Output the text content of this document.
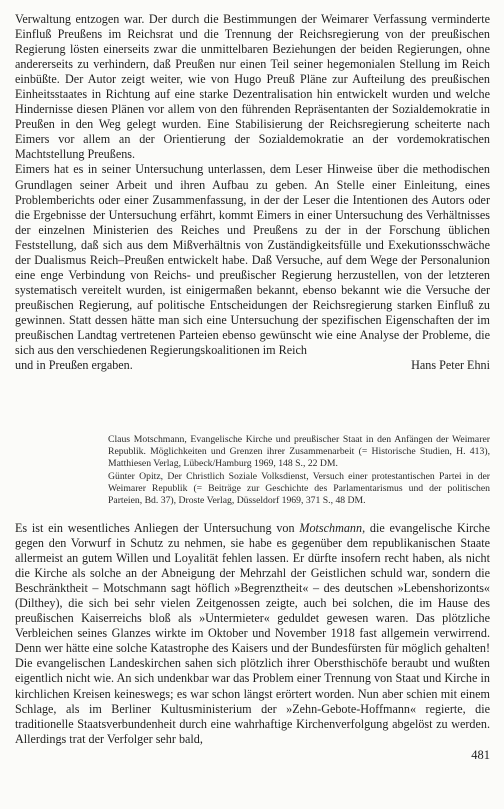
Verwaltung entzogen war. Der durch die Bestimmungen der Weimarer Verfassung verminderte Einfluß Preußens im Reichsrat und die Trennung der Reichsregierung von der preußischen Regierung lösten einerseits zwar die unmittelbaren Beziehungen der beiden Regierungen, ohne andererseits zu verhindern, daß Preußen nur einen Teil seiner hegemonialen Stellung im Reich einbüßte. Der Autor zeigt weiter, wie von Hugo Preuß Pläne zur Aufteilung des preußischen Einheitsstaates in Richtung auf eine starke Dezentralisation hin entwickelt wurden und welche Hindernisse diesen Plänen vor allem von den führenden Repräsentanten der Sozialdemokratie in Preußen in den Weg gelegt wurden. Eine Stabilisierung der Reichsregierung scheiterte nach Eimers vor allem an der Orientierung der Sozialdemokratie an der vordemokratischen Machtstellung Preußens.

Eimers hat es in seiner Untersuchung unterlassen, dem Leser Hinweise über die methodischen Grundlagen seiner Arbeit und ihren Aufbau zu geben. An Stelle einer Einleitung, eines Problemberichts oder einer Zusammenfassung, in der der Leser die Intentionen des Autors oder die Ergebnisse der Untersuchung erfährt, kommt Eimers in einer Untersuchung des Verhältnisses der einzelnen Ministerien des Reiches und Preußens zu der in der Forschung üblichen Feststellung, daß sich aus dem Mißverhältnis von Zuständigkeitsfülle und Exekutionsschwäche der Dualismus Reich–Preußen entwickelt habe. Daß Versuche, auf dem Wege der Personalunion eine enge Verbindung von Reichs- und preußischer Regierung herzustellen, von der letzteren systematisch vereitelt wurden, ist einigermaßen bekannt, ebenso bekannt wie die Versuche der preußischen Regierung, auf politische Entscheidungen der Reichsregierung starken Einfluß zu gewinnen. Statt dessen hätte man sich eine Untersuchung der spezifischen Eigenschaften der im preußischen Landtag vertretenen Parteien ebenso gewünscht wie eine Analyse der Probleme, die sich aus den verschiedenen Regierungskoalitionen im Reich

und in Preußen ergaben.	Hans Peter Ehni

Claus Motschmann, Evangelische Kirche und preußischer Staat in den Anfängen der Weimarer Republik. Möglichkeiten und Grenzen ihrer Zusammenarbeit (= Historische Studien, H. 413), Matthiesen Verlag, Lübeck/Hamburg 1969, 148 S., 22 DM.

Günter Opitz, Der Christlich Soziale Volksdienst, Versuch einer protestantischen Partei in der Weimarer Republik (= Beiträge zur Geschichte des Parlamentarismus und der politischen Parteien, Bd. 37), Droste Verlag, Düsseldorf 1969, 371 S., 48 DM.

Es ist ein wesentliches Anliegen der Untersuchung von Motschmann, die evangelische Kirche gegen den Vorwurf in Schutz zu nehmen, sie habe es gegenüber dem republikanischen Staate allermeist an gutem Willen und Loyalität fehlen lassen. Er dürfte insofern recht haben, als nicht die Kirche als solche an der Abneigung der Mehrzahl der Geistlichen schuld war, sondern die Beschränktheit – Motschmann sagt höflich »Begrenztheit« – des deutschen »Lebenshorizonts« (Dilthey), die sich bei sehr vielen Zeitgenossen zeigte, auch bei solchen, die im Hause des preußischen Kaiserreichs bloß als »Untermieter« geduldet gewesen waren. Das plötzliche Verbleichen seines Glanzes wirkte im Oktober und November 1918 fast allgemein verwirrend. Denn wer hätte eine solche Katastrophe des Kaisers und der Bundesfürsten für möglich gehalten! Die evangelischen Landeskirchen sahen sich plötzlich ihrer Obersthischöfe beraubt und wußten eigentlich nicht wie. An sich undenkbar war das Problem einer Trennung von Staat und Kirche in kirchlichen Kreisen keineswegs; es war schon längst erörtert worden. Nun aber schien mit einem Schlage, als im Berliner Kultusministerium der »Zehn-Gebote-Hoffmann« regierte, die traditionelle Staatsverbundenheit durch eine wahrhaftige Kirchenverfolgung abgelöst zu werden. Allerdings trat der Verfolger sehr bald,

481
